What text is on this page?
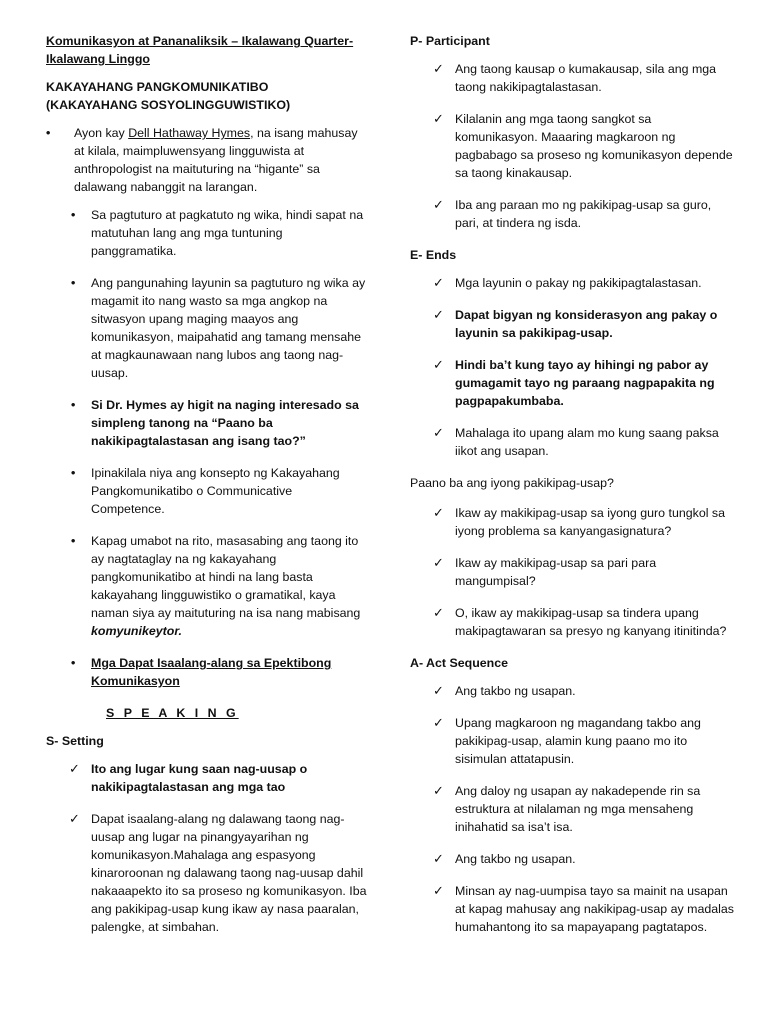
Komunikasyon at Pananaliksik – Ikalawang Quarter-
Ikalawang Linggo

KAKAYAHANG PANGKOMUNIKATIBO
(KAKAYAHANG SOSYOLINGGUWISTIKO)

• Ayon kay Dell Hathaway Hymes, na isang mahusay at kilala, maimpluwensyang lingguwista at anthropologist na maituturing na “higante” sa dalawang nabanggit na larangan.
• Sa pagtuturo at pagkatuto ng wika, hindi sapat na matutuhan lang ang mga tuntuning panggramatika.
• Ang pangunahing layunin sa pagtuturo ng wika ay magamit ito nang wasto sa mga angkop na sitwasyon upang maging maayos ang komunikasyon, maipahatid ang tamang mensahe at magkaunawaan nang lubos ang taong nag-uusap.
• Si Dr. Hymes ay higit na naging interesado sa simpleng tanong na “Paano ba nakikipagtalastasan ang isang tao?”
• Ipinakilala niya ang konsepto ng Kakayahang Pangkomunikatibo o Communicative Competence.
• Kapag umabot na rito, masasabing ang taong ito ay nagtataglay na ng kakayahang pangkomunikatibo at hindi na lang basta kakayahang lingguwistiko o gramatikal, kaya naman siya ay maituturing na isa nang mabisang komyunikeytor.
• Mga Dapat Isaalang-alang sa Epektibong Komunikasyon

S P E A K I N G

S- Setting

✓ Ito ang lugar kung saan nag-uusap o nakikipagtalastasan ang mga tao
✓ Dapat isaalang-alang ng dalawang taong nag-uusap ang lugar na pinangyayarihan ng komunikasyon.Mahalaga ang espasyong kinaroroonan ng dalawang taong nag-uusap dahil nakaaapekto ito sa proseso ng komunikasyon. Iba ang pakikipag-usap kung ikaw ay nasa paaralan, palengke, at simbahan.

P- Participant

✓ Ang taong kausap o kumakausap, sila ang mga taong nakikipagtalastasan.
✓ Kilalanin ang mga taong sangkot sa komunikasyon. Maaaring magkaroon ng pagbabago sa proseso ng komunikasyon depende sa taong kinakausap.
✓ Iba ang paraan mo ng pakikipag-usap sa guro, pari, at tindera ng isda.

E- Ends

✓ Mga layunin o pakay ng pakikipagtalastasan.
✓ Dapat bigyan ng konsiderasyon ang pakay o layunin sa pakikipag-usap.
✓ Hindi ba’t kung tayo ay hihingi ng pabor ay gumagamit tayo ng paraang nagpapakita ng pagpapakumbaba.
✓ Mahalaga ito upang alam mo kung saang paksa iikot ang usapan.

Paano ba ang iyong pakikipag-usap?

✓ Ikaw ay makikipag-usap sa iyong guro tungkol sa iyong problema sa kanyangasignatura?
✓ Ikaw ay makikipag-usap sa pari para mangumpisal?
✓ O, ikaw ay makikipag-usap sa tindera upang makipagtawaran sa presyo ng kanyang itinitinda?

A- Act Sequence

✓ Ang takbo ng usapan.
✓ Upang magkaroon ng magandang takbo ang pakikipag-usap, alamin kung paano mo ito sisimulan attatapusin.
✓ Ang daloy ng usapan ay nakadepende rin sa estruktura at nilalaman ng mga mensaheng inihahatid sa isa’t isa.
✓ Ang takbo ng usapan.
✓ Minsan ay nag-uumpisa tayo sa mainit na usapan at kapag mahusay ang nakikipag-usap ay madalas humahantong ito sa mapayapang pagtatapos.
